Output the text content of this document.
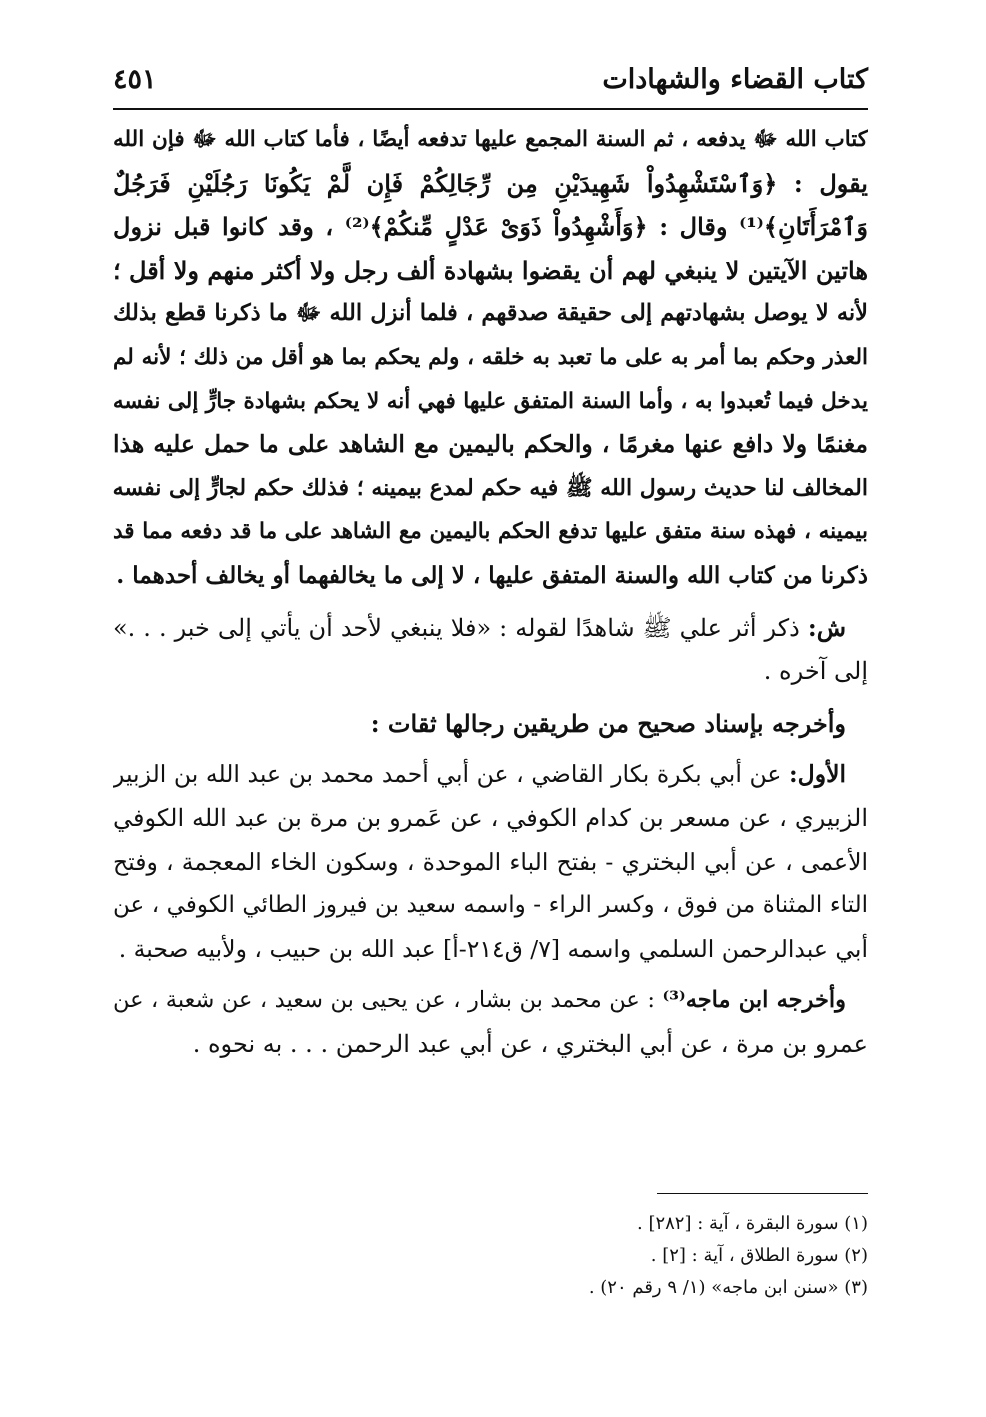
كتاب القضاء والشهادات
٤٥١
كتاب الله ﷻ يدفعه ، ثم السنة المجمع عليها تدفعه أيضًا ، فأما كتاب الله ﷻ فإن الله
يقول : ﴿وَٱسْتَشْهِدُواْ شَهِيدَيْنِ مِن رِّجَالِكُمْ فَإِن لَّمْ يَكُونَا رَجُلَيْنِ فَرَجُلٌ
وَٱمْرَأَتَانِ﴾⁽¹⁾ وقال : ﴿وَأَشْهِدُواْ ذَوَىْ عَدْلٍ مِّنكُمْ﴾⁽²⁾ ، وقد كانوا قبل نزول
هاتين الآيتين لا ينبغي لهم أن يقضوا بشهادة ألف رجل ولا أكثر منهم ولا أقل ؛
لأنه لا يوصل بشهادتهم إلى حقيقة صدقهم ، فلما أنزل الله ﷻ ما ذكرنا قطع بذلك
العذر وحكم بما أمر به على ما تعبد به خلقه ، ولم يحكم بما هو أقل من ذلك ؛ لأنه لم
يدخل فيما تُعبدوا به ، وأما السنة المتفق عليها فهي أنه لا يحكم بشهادة جارٍّ إلى نفسه
مغنمًا ولا دافع عنها مغرمًا ، والحكم باليمين مع الشاهد على ما حمل عليه هذا
المخالف لنا حديث رسول الله ﷺ فيه حكم لمدع بيمينه ؛ فذلك حكم لجارٍّ إلى نفسه
بيمينه ، فهذه سنة متفق عليها تدفع الحكم باليمين مع الشاهد على ما قد دفعه مما قد
ذكرنا من كتاب الله والسنة المتفق عليها ، لا إلى ما يخالفهما أو يخالف أحدهما .
ش: ذكر أثر علي ﷺ شاهدًا لقوله : «فلا ينبغي لأحد أن يأتي إلى خبر . . .»
إلى آخره .
وأخرجه بإسناد صحيح من طريقين رجالها ثقات :
الأول: عن أبي بكرة بكار القاضي ، عن أبي أحمد محمد بن عبد الله بن الزبير
الزبيري ، عن مسعر بن كدام الكوفي ، عن عَمرو بن مرة بن عبد الله الكوفي
الأعمى ، عن أبي البختري - بفتح الباء الموحدة ، وسكون الخاء المعجمة ، وفتح
التاء المثناة من فوق ، وكسر الراء - واسمه سعيد بن فيروز الطائي الكوفي ، عن
أبي عبدالرحمن السلمي واسمه [٧/ ق٢١٤-أ] عبد الله بن حبيب ، ولأبيه صحبة .
وأخرجه ابن ماجه⁽³⁾ : عن محمد بن بشار ، عن يحيى بن سعيد ، عن شعبة ، عن
عمرو بن مرة ، عن أبي البختري ، عن أبي عبد الرحمن . . . به نحوه .
(١) سورة البقرة ، آية : [٢٨٢] .
(٢) سورة الطلاق ، آية : [٢] .
(٣) «سنن ابن ماجه» (١/ ٩ رقم ٢٠) .
